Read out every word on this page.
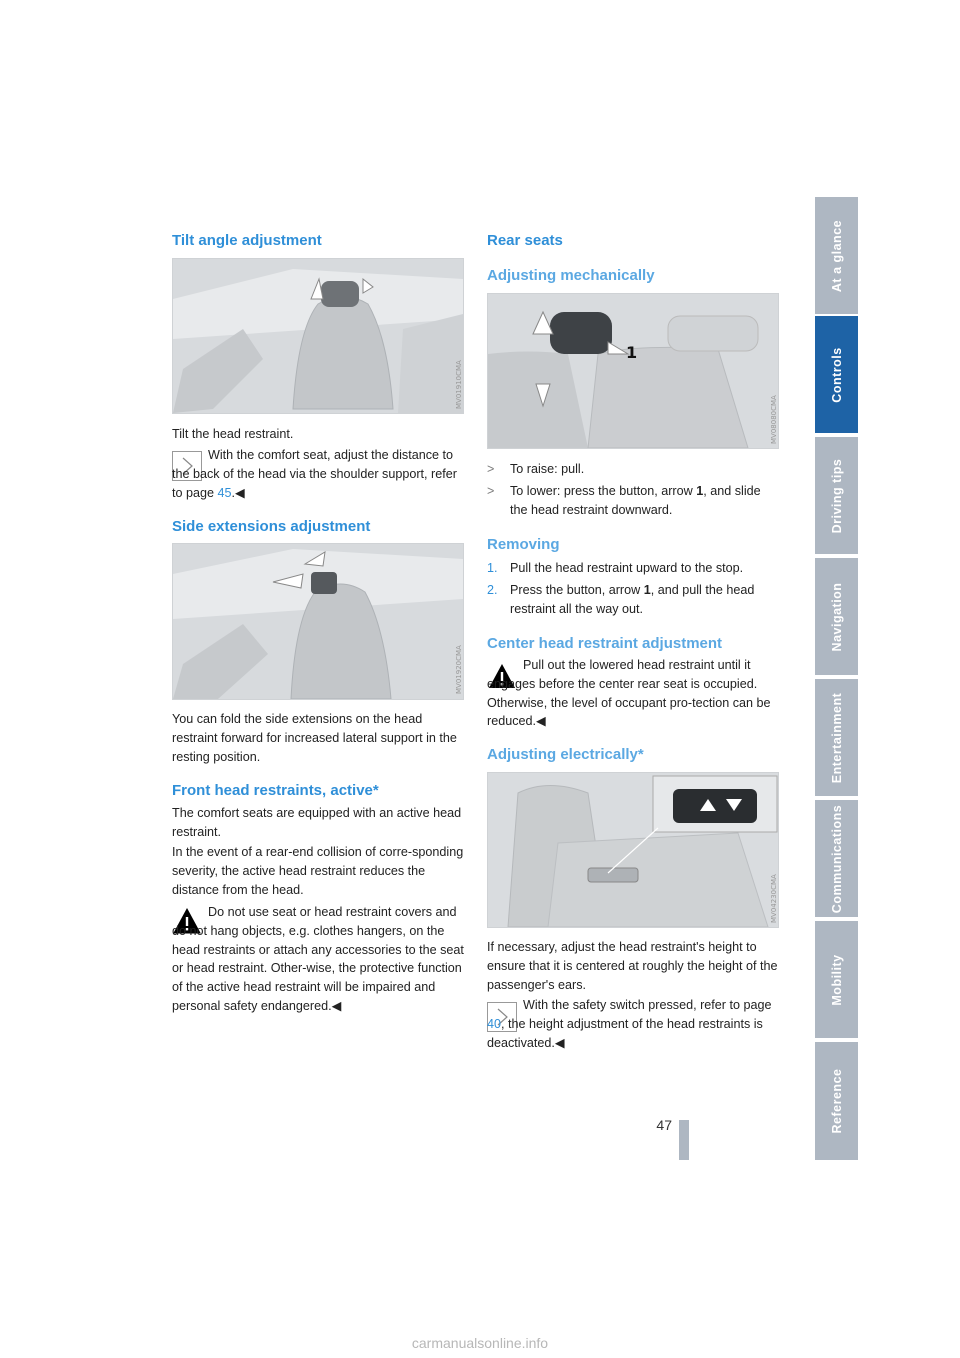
Tilt angle adjustment
MV01910CMA

Tilt the head restraint.

With the comfort seat, adjust the distance to the back of the head via the shoulder support, refer to page 45.◀

Side extensions adjustment
MV01920CMA

You can fold the side extensions on the head restraint forward for increased lateral support in the resting position.

Front head restraints, active*

The comfort seats are equipped with an active head restraint.

In the event of a rear-end collision of corre-sponding severity, the active head restraint reduces the distance from the head.

Do not use seat or head restraint covers and do not hang objects, e.g. clothes hangers, on the head restraints or attach any accessories to the seat or head restraint. Other-wise, the protective function of the active head restraint will be impaired and personal safety endangered.◀

Rear seats
Adjusting mechanically
1
MV08080CMA
> To raise: pull.

> To lower: press the button, arrow 1, and slide the head restraint downward.

Removing
1. Pull the head restraint upward to the stop.

2. Press the button, arrow 1, and pull the head restraint all the way out.

Center head restraint adjustment

Pull out the lowered head restraint until it engages before the center rear seat is occupied. Otherwise, the level of occupant pro-tection can be reduced.◀

Adjusting electrically*
MV04230CMA

If necessary, adjust the head restraint's height to ensure that it is centered at roughly the height of the passenger's ears.

With the safety switch pressed, refer to page 40, the height adjustment of the head restraints is deactivated.◀

At a glance
Controls
Driving tips
Navigation
Entertainment
Communications
Mobility
Reference
47
carmanualsonline.info
